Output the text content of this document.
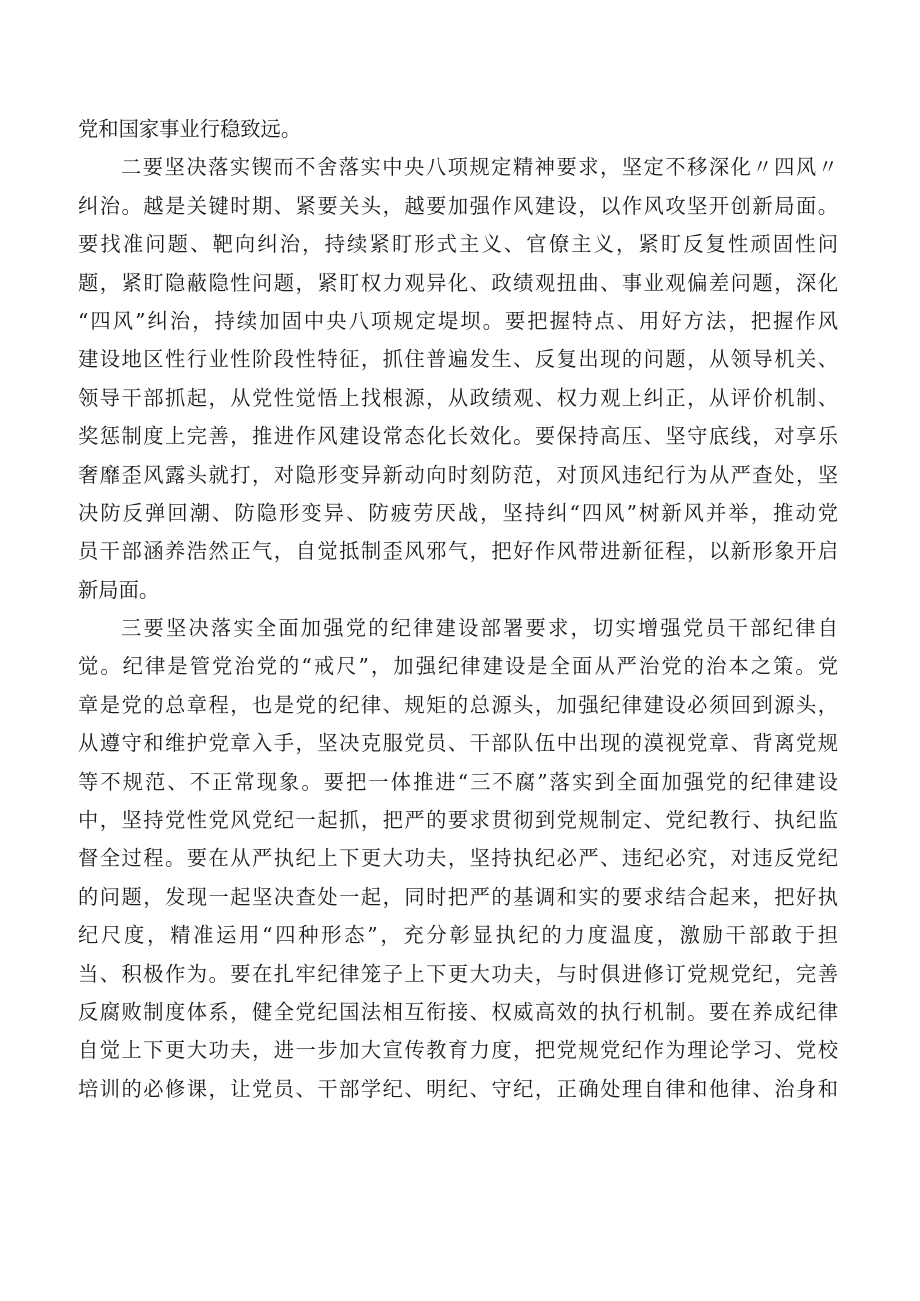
党和国家事业行稳致远。
二要坚决落实锲而不舍落实中央八项规定精神要求，坚定不移深化〃四风〃
纠治。越是关键时期、紧要关头，越要加强作风建设，以作风攻坚开创新局面。
要找准问题、靶向纠治，持续紧盯形式主义、官僚主义，紧盯反复性顽固性问
题，紧盯隐蔽隐性问题，紧盯权力观异化、政绩观扭曲、事业观偏差问题，深化
“四风”纠治，持续加固中央八项规定堤坝。要把握特点、用好方法，把握作风
建设地区性行业性阶段性特征，抓住普遍发生、反复出现的问题，从领导机关、
领导干部抓起，从党性觉悟上找根源，从政绩观、权力观上纠正，从评价机制、
奖惩制度上完善，推进作风建设常态化长效化。要保持高压、坚守底线，对享乐
奢靡歪风露头就打，对隐形变异新动向时刻防范，对顶风违纪行为从严查处，坚
决防反弹回潮、防隐形变异、防疲劳厌战，坚持纠“四风”树新风并举，推动党
员干部涵养浩然正气，自觉抵制歪风邪气，把好作风带进新征程，以新形象开启
新局面。
三要坚决落实全面加强党的纪律建设部署要求，切实增强党员干部纪律自
觉。纪律是管党治党的“戒尺”，加强纪律建设是全面从严治党的治本之策。党
章是党的总章程，也是党的纪律、规矩的总源头，加强纪律建设必须回到源头，
从遵守和维护党章入手，坚决克服党员、干部队伍中出现的漠视党章、背离党规
等不规范、不正常现象。要把一体推进“三不腐”落实到全面加强党的纪律建设
中，坚持党性党风党纪一起抓，把严的要求贯彻到党规制定、党纪教行、执纪监
督全过程。要在从严执纪上下更大功夫，坚持执纪必严、违纪必究，对违反党纪
的问题，发现一起坚决查处一起，同时把严的基调和实的要求结合起来，把好执
纪尺度，精准运用“四种形态”，充分彰显执纪的力度温度，激励干部敢于担
当、积极作为。要在扎牢纪律笼子上下更大功夫，与时俱进修订党规党纪，完善
反腐败制度体系，健全党纪国法相互衔接、权威高效的执行机制。要在养成纪律
自觉上下更大功夫，进一步加大宣传教育力度，把党规党纪作为理论学习、党校
培训的必修课，让党员、干部学纪、明纪、守纪，正确处理自律和他律、治身和
